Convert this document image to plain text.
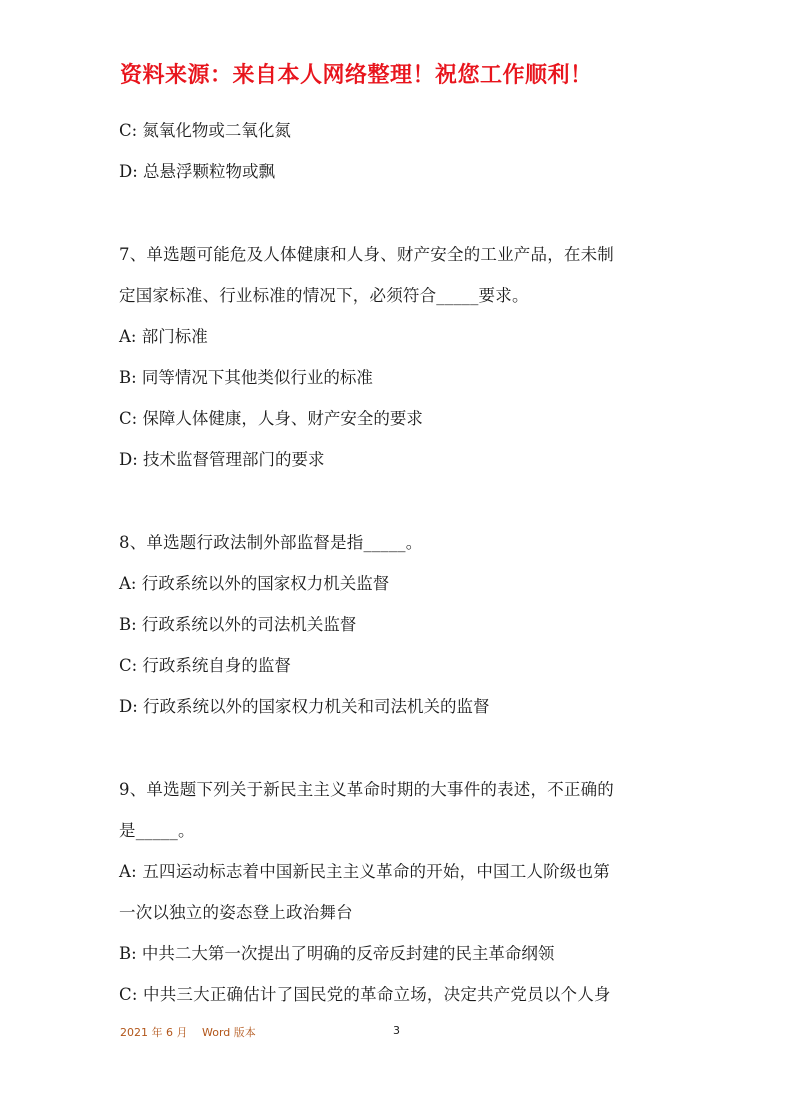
资料来源：来自本人网络整理！祝您工作顺利！
C: 氮氧化物或二氧化氮
D: 总悬浮颗粒物或飘
7、单选题可能危及人体健康和人身、财产安全的工业产品，在未制
定国家标准、行业标准的情况下，必须符合_____要求。
A: 部门标准
B: 同等情况下其他类似行业的标准
C: 保障人体健康，人身、财产安全的要求
D: 技术监督管理部门的要求
8、单选题行政法制外部监督是指_____。
A: 行政系统以外的国家权力机关监督
B: 行政系统以外的司法机关监督
C: 行政系统自身的监督
D: 行政系统以外的国家权力机关和司法机关的监督
9、单选题下列关于新民主主义革命时期的大事件的表述，不正确的
是_____。
A: 五四运动标志着中国新民主主义革命的开始，中国工人阶级也第
一次以独立的姿态登上政治舞台
B: 中共二大第一次提出了明确的反帝反封建的民主革命纲领
C: 中共三大正确估计了国民党的革命立场，决定共产党员以个人身
2021 年 6 月　 Word 版本	3
